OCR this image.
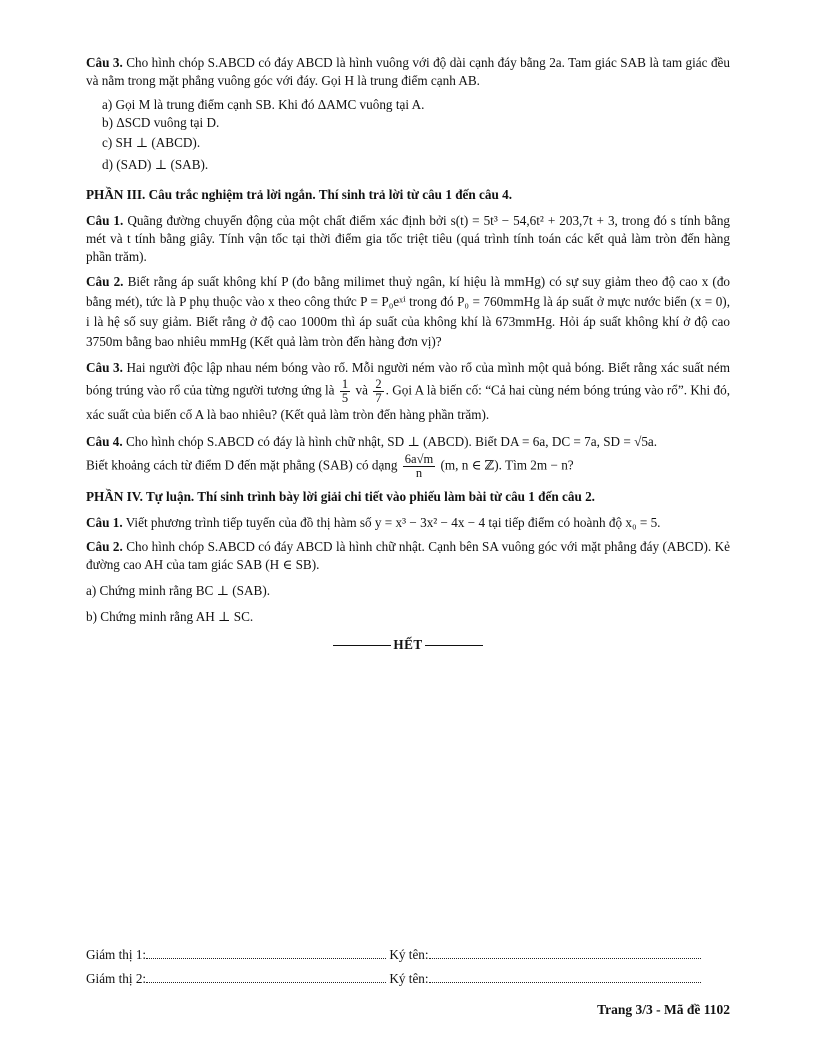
Câu 3. Cho hình chóp S.ABCD có đáy ABCD là hình vuông với độ dài cạnh đáy bằng 2a. Tam giác SAB là tam giác đều và nằm trong mặt phẳng vuông góc với đáy. Gọi H là trung điểm cạnh AB.

a) Gọi M là trung điểm cạnh SB. Khi đó ΔAMC vuông tại A.

b) ΔSCD vuông tại D.

c) SH ⊥ (ABCD).

d) (SAD) ⊥ (SAB).

PHẦN III. Câu trắc nghiệm trả lời ngắn. Thí sinh trả lời từ câu 1 đến câu 4.

Câu 1. Quãng đường chuyển động của một chất điểm xác định bởi s(t) = 5t³ − 54,6t² + 203,7t + 3, trong đó s tính bằng mét và t tính bằng giây. Tính vận tốc tại thời điểm gia tốc triệt tiêu (quá trình tính toán các kết quả làm tròn đến hàng phần trăm).

Câu 2. Biết rằng áp suất không khí P (đo bằng milimet thuỷ ngân, kí hiệu là mmHg) có sự suy giảm theo độ cao x (đo bằng mét), tức là P phụ thuộc vào x theo công thức P = P₀eˣⁱ trong đó P₀ = 760mmHg là áp suất ở mực nước biển (x = 0), i là hệ số suy giảm. Biết rằng ở độ cao 1000m thì áp suất của không khí là 673mmHg. Hỏi áp suất không khí ở độ cao 3750m bằng bao nhiêu mmHg (Kết quả làm tròn đến hàng đơn vị)?

Câu 3. Hai người độc lập nhau ném bóng vào rổ. Mỗi người ném vào rổ của mình một quả bóng. Biết rằng xác suất ném bóng trúng vào rổ của từng người tương ứng là $\frac{1}{5}$ và $\frac{2}{7}$ . Gọi A là biến cố: “Cả hai cùng ném bóng trúng vào rổ”. Khi đó, xác suất của biến cố A là bao nhiêu? (Kết quả làm tròn đến hàng phần trăm).

Câu 4. Cho hình chóp S.ABCD có đáy là hình chữ nhật, SD ⊥ (ABCD). Biết DA = 6a, DC = 7a, SD = √5a.
Biết khoảng cách từ điểm D đến mặt phẳng (SAB) có dạng $\frac{6a√m}{n} (m$, n ∈ ℤ). Tìm 2m − n?

PHẦN IV. Tự luận. Thí sinh trình bày lời giải chi tiết vào phiếu làm bài từ câu 1 đến câu 2.

Câu 1. Viết phương trình tiếp tuyến của đồ thị hàm số y = x³ − 3x² − 4x − 4 tại tiếp điểm có hoành độ x₀ = 5.

Câu 2. Cho hình chóp S.ABCD có đáy ABCD là hình chữ nhật. Cạnh bên SA vuông góc với mặt phẳng đáy (ABCD). Kẻ đường cao AH của tam giác SAB (H ∈ SB).

a) Chứng minh rằng BC ⊥ (SAB).

b) Chứng minh rằng AH ⊥ SC.

HẾT

Giám thị 1:	Ký tên:
Giám thị 2:	Ký tên:
Trang 3/3 - Mã đề 1102
